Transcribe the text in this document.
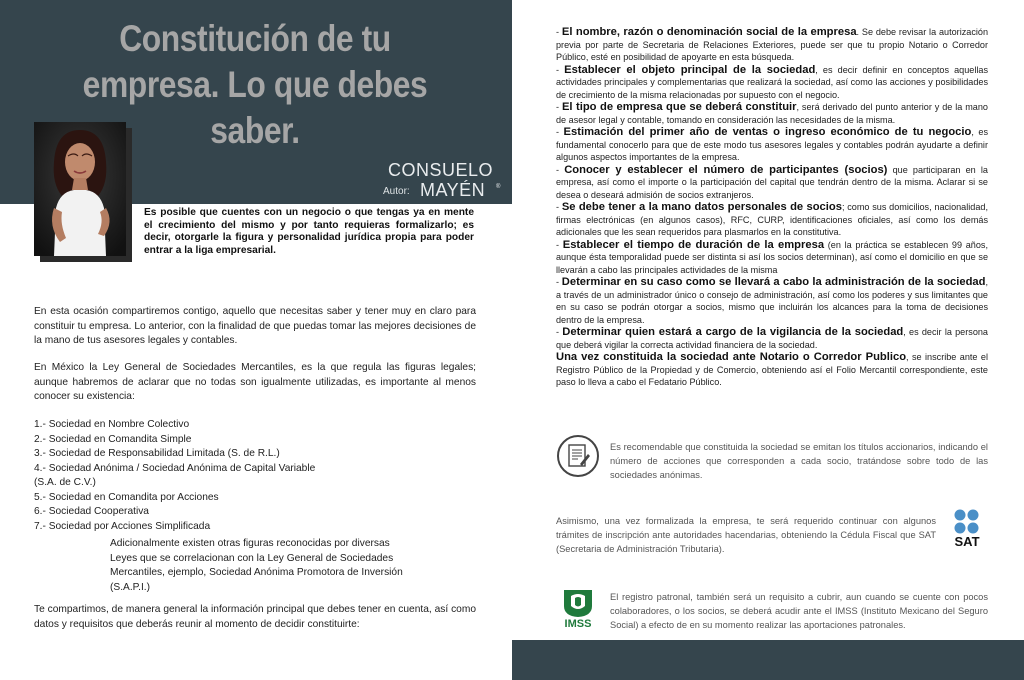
Constitución de tu empresa. Lo que debes saber.
Autor:
CONSUELO
MAYÉN ®

Es posible que cuentes con un negocio o que tengas ya en mente el crecimiento del mismo y por tanto requieras formalizarlo; es decir, otorgarle la figura y personalidad jurídica propia para poder entrar a la liga empresarial.

En esta ocasión compartiremos contigo, aquello que necesitas saber y tener muy en claro para constituir tu empresa. Lo anterior, con la finalidad de que puedas tomar las mejores decisiones de la mano de tus asesores legales y contables.

En México la Ley General de Sociedades Mercantiles, es la que regula las figuras legales; aunque habremos de aclarar que no todas son igualmente utilizadas, es importante al menos conocer su existencia:

1.- Sociedad en Nombre Colectivo
2.- Sociedad en Comandita Simple
3.- Sociedad de Responsabilidad Limitada (S. de R.L.)
4.- Sociedad Anónima / Sociedad Anónima de Capital Variable (S.A. de C.V.)
5.- Sociedad en Comandita por Acciones
6.- Sociedad Cooperativa
7.- Sociedad por Acciones Simplificada

Adicionalmente existen otras figuras reconocidas por diversas Leyes que se correlacionan con la Ley General de Sociedades Mercantiles, ejemplo, Sociedad Anónima Promotora de Inversión (S.A.P.I.)

Te compartimos, de manera general la información principal que debes tener en cuenta, así como datos y requisitos que deberás reunir al momento de decidir constituirte:

- El nombre, razón o denominación social de la empresa. Se debe revisar la autorización previa por parte de Secretaria de Relaciones Exteriores, puede ser que tu propio Notario o Corredor Público, esté en posibilidad de apoyarte en esta búsqueda.

- Establecer el objeto principal de la sociedad, es decir definir en conceptos aquellas actividades principales y complementarias que realizará la sociedad, así como las acciones y posibilidades de crecimiento de la misma relacionadas por supuesto con el negocio.

- El tipo de empresa que se deberá constituir, será derivado del punto anterior y de la mano de asesor legal y contable, tomando en consideración las necesidades de la misma.

- Estimación del primer año de ventas o ingreso económico de tu negocio, es fundamental conocerlo para que de este modo tus asesores legales y contables podrán ayudarte a definir algunos aspectos importantes de la empresa.

- Conocer y establecer el número de participantes (socios) que participaran en la empresa, así como el importe o la participación del capital que tendrán dentro de la misma. Aclarar si se desea o deseará admisión de socios extranjeros.

- Se debe tener a la mano datos personales de socios; como sus domicilios, nacionalidad, firmas electrónicas (en algunos casos), RFC, CURP, identificaciones oficiales, así como los demás adicionales que les sean requeridos para plasmarlos en la constitutiva.

- Establecer el tiempo de duración de la empresa (en la práctica se establecen 99 años, aunque ésta temporalidad puede ser distinta si así los socios determinan), así como el domicilio en que se llevarán a cabo las principales actividades de la misma

- Determinar en su caso como se llevará a cabo la administración de la sociedad, a través de un administrador único o consejo de administración, así como los poderes y sus limitantes que en su caso se podrán otorgar a socios, mismo que incluirán los alcances para la toma de decisiones dentro de la empresa.

- Determinar quien estará a cargo de la vigilancia de la sociedad, es decir la persona que deberá vigilar la correcta actividad financiera de la sociedad.

Una vez constituida la sociedad ante Notario o Corredor Publico, se inscribe ante el Registro Público de la Propiedad y de Comercio, obteniendo así el Folio Mercantil correspondiente, este paso lo lleva a cabo el Fedatario Público.

Es recomendable que constituida la sociedad se emitan los títulos accionarios, indicando el número de acciones que corresponden a cada socio, tratándose sobre todo de las sociedades anónimas.

Asimismo, una vez formalizada la empresa, te será requerido continuar con algunos trámites de inscripción ante autoridades hacendarias, obteniendo la Cédula Fiscal que SAT (Secretaria de Administración Tributaria).

SAT
IMSS

El registro patronal, también será un requisito a cubrir, aun cuando se cuente con pocos colaboradores, o los socios, se deberá acudir ante el IMSS (Instituto Mexicano del Seguro Social) a efecto de en su momento realizar las aportaciones patronales.
